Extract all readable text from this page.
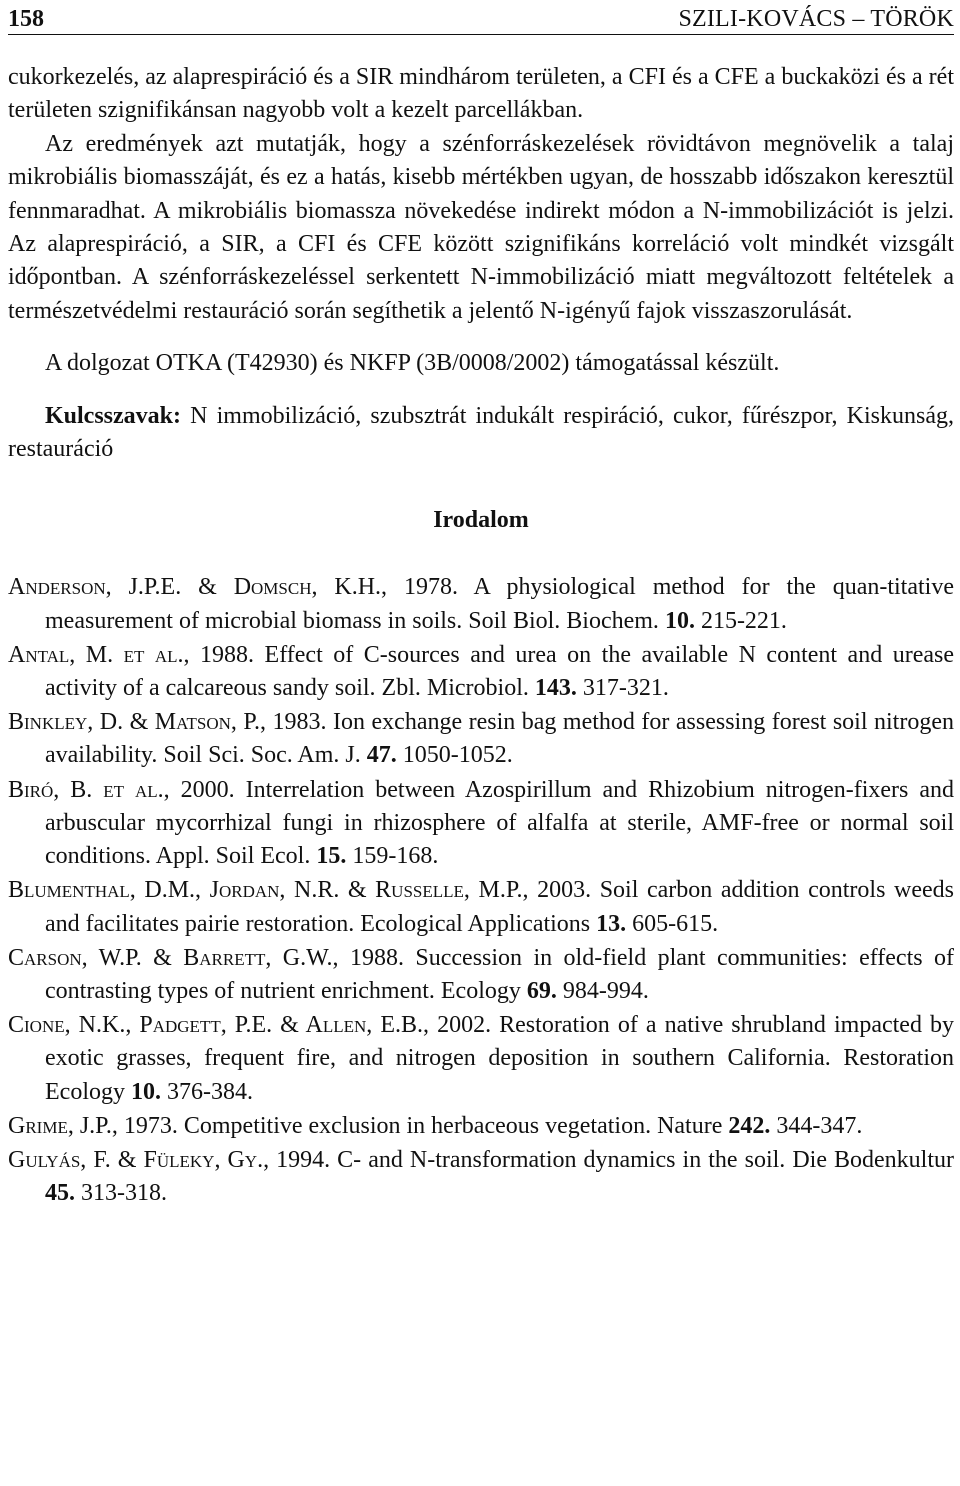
158	SZILI-KOVÁCS – TÖRÖK

cukorkezelés, az alaprespiráció és a SIR mindhárom területen, a CFI és a CFE a buckaközi és a rét területen szignifikánsan nagyobb volt a kezelt parcellákban.

Az eredmények azt mutatják, hogy a szénforráskezelések rövidtávon megnövelik a talaj mikrobiális biomasszáját, és ez a hatás, kisebb mértékben ugyan, de hosszabb időszakon keresztül fennmaradhat. A mikrobiális biomassza növekedése indirekt módon a N-immobilizációt is jelzi. Az alaprespiráció, a SIR, a CFI és CFE között szignifikáns korreláció volt mindkét vizsgált időpontban. A szénforráskezeléssel serkentett N-immobilizáció miatt megváltozott feltételek a természetvédelmi restauráció során segíthetik a jelentő N-igényű fajok visszaszorulását.

A dolgozat OTKA (T42930) és NKFP (3B/0008/2002) támogatással készült.

Kulcsszavak: N immobilizáció, szubsztrát indukált respiráció, cukor, fűrészpor, Kiskunság, restauráció

Irodalom

Anderson, J.P.E. & Domsch, K.H., 1978. A physiological method for the quan-titative measurement of microbial biomass in soils. Soil Biol. Biochem. 10. 215-221.

Antal, M. et al., 1988. Effect of C-sources and urea on the available N content and urease activity of a calcareous sandy soil. Zbl. Microbiol. 143. 317-321.

Binkley, D. & Matson, P., 1983. Ion exchange resin bag method for assessing forest soil nitrogen availability. Soil Sci. Soc. Am. J. 47. 1050-1052.

Biró, B. et al., 2000. Interrelation between Azospirillum and Rhizobium nitrogen-fixers and arbuscular mycorrhizal fungi in rhizosphere of alfalfa at sterile, AMF-free or normal soil conditions. Appl. Soil Ecol. 15. 159-168.

Blumenthal, D.M., Jordan, N.R. & Russelle, M.P., 2003. Soil carbon addition controls weeds and facilitates pairie restoration. Ecological Applications 13. 605-615.

Carson, W.P. & Barrett, G.W., 1988. Succession in old-field plant communities: effects of contrasting types of nutrient enrichment. Ecology 69. 984-994.

Cione, N.K., Padgett, P.E. & Allen, E.B., 2002. Restoration of a native shrubland impacted by exotic grasses, frequent fire, and nitrogen deposition in southern California. Restoration Ecology 10. 376-384.

Grime, J.P., 1973. Competitive exclusion in herbaceous vegetation. Nature 242. 344-347.

Gulyás, F. & Füleky, Gy., 1994. C- and N-transformation dynamics in the soil. Die Bodenkultur 45. 313-318.
